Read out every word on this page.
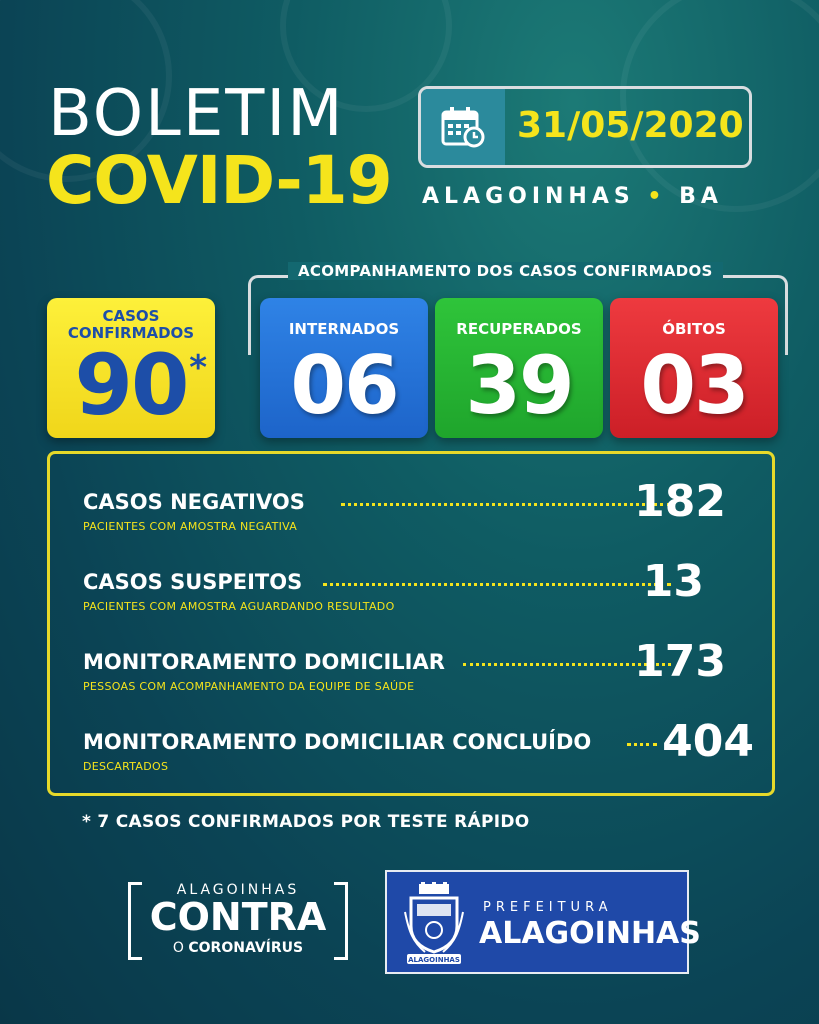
BOLETIM
COVID-19
31/05/2020
ALAGOINHAS • BA
ACOMPANHAMENTO DOS CASOS CONFIRMADOS
CASOS CONFIRMADOS
90 *
INTERNADOS
06
RECUPERADOS
39
ÓBITOS
03
CASOS NEGATIVOS
PACIENTES COM AMOSTRA NEGATIVA	182
CASOS SUSPEITOS
PACIENTES COM AMOSTRA AGUARDANDO RESULTADO	13
MONITORAMENTO DOMICILIAR
PESSOAS COM ACOMPANHAMENTO DA EQUIPE DE SAÚDE	173
MONITORAMENTO DOMICILIAR CONCLUÍDO
DESCARTADOS	404
* 7 CASOS CONFIRMADOS POR TESTE RÁPIDO
ALAGOINHAS
CONTRA
O CORONAVÍRUS
ALAGOINHAS
PREFEITURA
ALAGOINHAS
